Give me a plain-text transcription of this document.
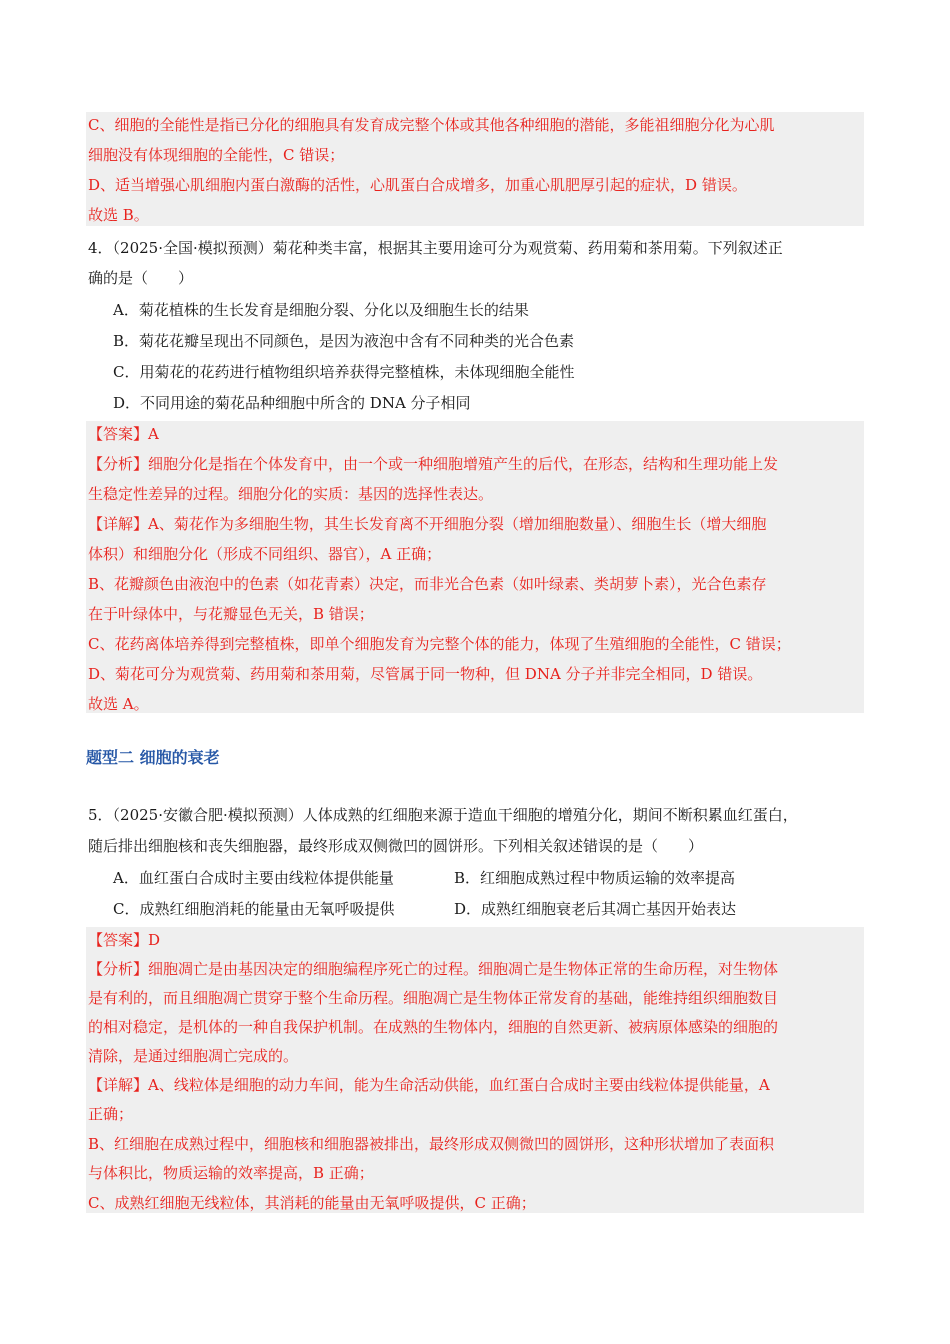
C、细胞的全能性是指已分化的细胞具有发育成完整个体或其他各种细胞的潜能，多能祖细胞分化为心肌
细胞没有体现细胞的全能性，C 错误；
D、适当增强心肌细胞内蛋白激酶的活性，心肌蛋白合成增多，加重心肌肥厚引起的症状，D 错误。
故选 B。
4．（2025·全国·模拟预测）菊花种类丰富，根据其主要用途可分为观赏菊、药用菊和茶用菊。下列叙述正
确的是（　　）
A．菊花植株的生长发育是细胞分裂、分化以及细胞生长的结果
B．菊花花瓣呈现出不同颜色，是因为液泡中含有不同种类的光合色素
C．用菊花的花药进行植物组织培养获得完整植株，未体现细胞全能性
D．不同用途的菊花品种细胞中所含的 DNA 分子相同
【答案】A
【分析】细胞分化是指在个体发育中，由一个或一种细胞增殖产生的后代，在形态，结构和生理功能上发
生稳定性差异的过程。细胞分化的实质：基因的选择性表达。
【详解】A、菊花作为多细胞生物，其生长发育离不开细胞分裂（增加细胞数量）、细胞生长（增大细胞
体积）和细胞分化（形成不同组织、器官），A 正确；
B、花瓣颜色由液泡中的色素（如花青素）决定，而非光合色素（如叶绿素、类胡萝卜素），光合色素存
在于叶绿体中，与花瓣显色无关，B 错误；
C、花药离体培养得到完整植株，即单个细胞发育为完整个体的能力，体现了生殖细胞的全能性，C 错误；
D、菊花可分为观赏菊、药用菊和茶用菊，尽管属于同一物种，但 DNA 分子并非完全相同，D 错误。
故选 A。
题型二 细胞的衰老
5．（2025·安徽合肥·模拟预测）人体成熟的红细胞来源于造血干细胞的增殖分化，期间不断积累血红蛋白，
随后排出细胞核和丧失细胞器，最终形成双侧微凹的圆饼形。下列相关叙述错误的是（　　）
A．血红蛋白合成时主要由线粒体提供能量	B．红细胞成熟过程中物质运输的效率提高
C．成熟红细胞消耗的能量由无氧呼吸提供	D．成熟红细胞衰老后其凋亡基因开始表达
【答案】D
【分析】细胞凋亡是由基因决定的细胞编程序死亡的过程。细胞凋亡是生物体正常的生命历程，对生物体
是有利的，而且细胞凋亡贯穿于整个生命历程。细胞凋亡是生物体正常发育的基础，能维持组织细胞数目
的相对稳定，是机体的一种自我保护机制。在成熟的生物体内，细胞的自然更新、被病原体感染的细胞的
清除，是通过细胞凋亡完成的。
【详解】A、线粒体是细胞的动力车间，能为生命活动供能，血红蛋白合成时主要由线粒体提供能量，A
正确；
B、红细胞在成熟过程中，细胞核和细胞器被排出，最终形成双侧微凹的圆饼形，这种形状增加了表面积
与体积比，物质运输的效率提高，B 正确；
C、成熟红细胞无线粒体，其消耗的能量由无氧呼吸提供，C 正确；
